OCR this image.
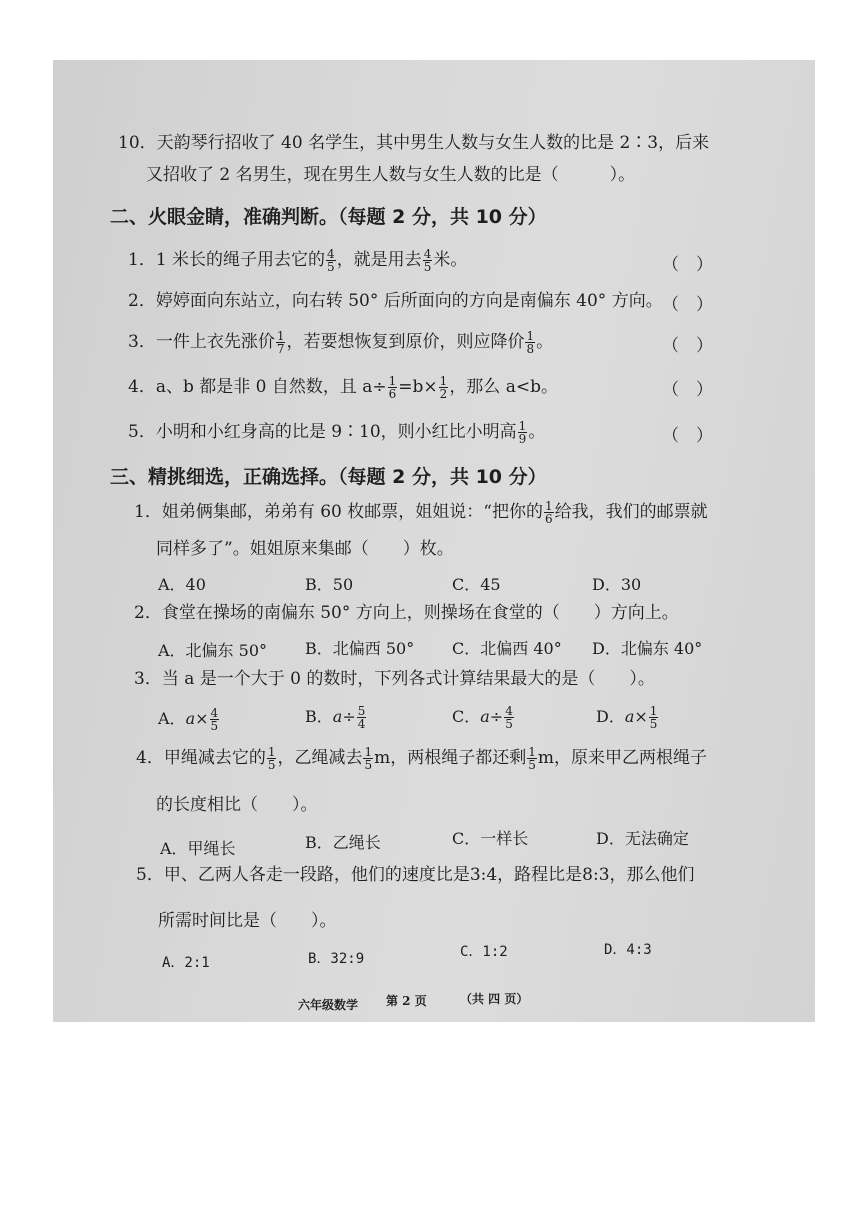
10．天韵琴行招收了 40 名学生，其中男生人数与女生人数的比是 2∶3，后来
又招收了 2 名男生，现在男生人数与女生人数的比是（　　　）。
二、火眼金睛，准确判断。（每题 2 分，共 10 分）
1．1 米长的绳子用去它的 $\frac{4}{5}$ ，就是用去 $\frac{4}{5}$ 米。	（　）
2．婷婷面向东站立，向右转 50° 后所面向的方向是南偏东 40° 方向。 （　）
3．一件上衣先涨价 $\frac{1}{7}$ ，若要想恢复到原价，则应降价 $\frac{1}{8}$ 。	（　）
4．a、b 都是非 0 自然数，且 $a\div \frac{1}{6} =b\times \frac{1}{2}$ ，那么 a<b。	（　）
5．小明和小红身高的比是 9∶10，则小红比小明高 $\frac{1}{9}$ 。	（　）
三、精挑细选，正确选择。（每题 2 分，共 10 分）
1．姐弟俩集邮，弟弟有 60 枚邮票，姐姐说：“把你的 $\frac{1}{6}$ 给我，我们的邮票就
同样多了”。姐姐原来集邮（　　）枚。
A．40	B．50	C．45	D．30
2．食堂在操场的南偏东 50° 方向上，则操场在食堂的（　　）方向上。
A．北偏东 50° B．北偏西 50° C．北偏西 40° D．北偏东 40°
3．当 a 是一个大于 0 的数时，下列各式计算结果最大的是（　　）。
A．$a\times \frac{4}{5}$	B．$a\div \frac{5}{4}$	C．$a\div \frac{4}{5}$	D．$a\times \frac{1}{5}$
4．甲绳减去它的 $\frac{1}{5}$ ，乙绳减去 $\frac{1}{5}$ m，两根绳子都还剩 $\frac{1}{5}$ m，原来甲乙两根绳子
的长度相比（　　）。
A．甲绳长	B．乙绳长	C．一样长	D．无法确定
5．甲、乙两人各走一段路，他们的速度比是3:4，路程比是8:3，那么他们
所需时间比是（　　）。
A．2:1	B．32:9	C．1:2	D．4:3
六年级数学 第 2 页	（共 四 页）
